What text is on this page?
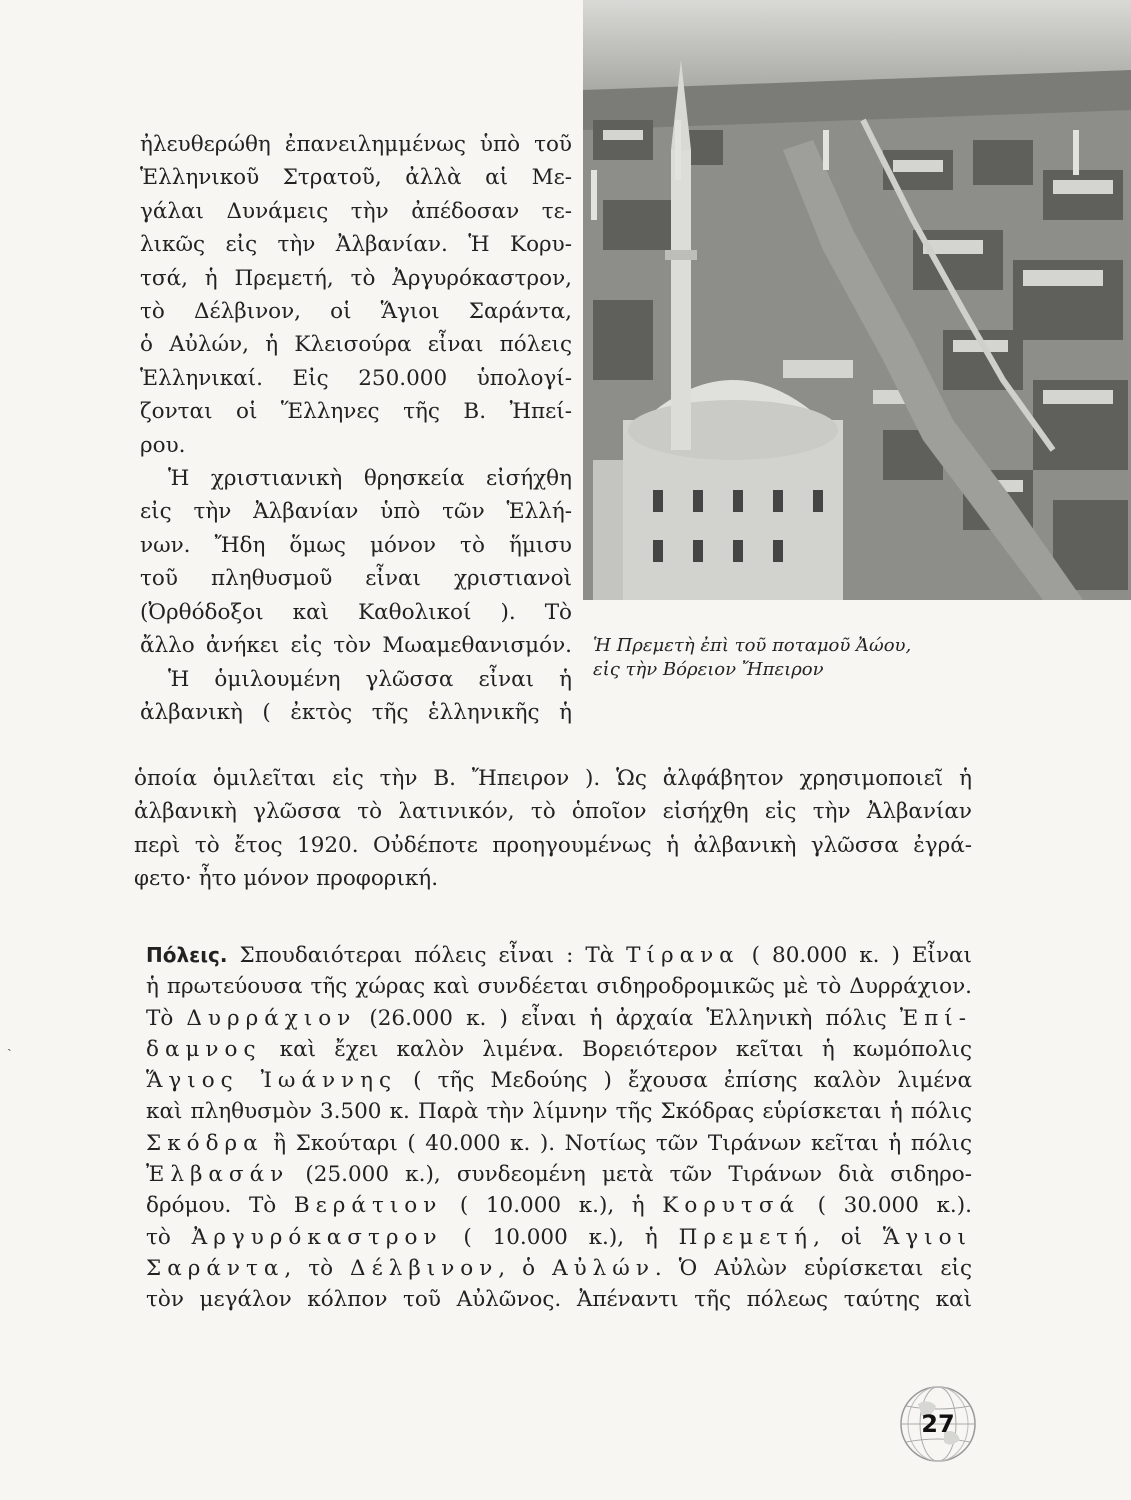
Ἡ Πρεμετὴ ἐπὶ τοῦ ποταμοῦ Ἀώου,
εἰς τὴν Βόρειον Ἤπειρον
ἠλευθερώθη ἐπανειλημμένως ὑπὸ τοῦ
Ἑλληνικοῦ Στρατοῦ, ἀλλὰ αἱ Με-
γάλαι Δυνάμεις τὴν ἀπέδοσαν τε-
λικῶς εἰς τὴν Ἀλβανίαν. Ἡ Κορυ-
τσά, ἡ Πρεμετή, τὸ Ἀργυρόκαστρον,
τὸ Δέλβινον, οἱ Ἅγιοι Σαράντα,
ὁ Αὐλών, ἡ Κλεισούρα εἶναι πόλεις
Ἑλληνικαί. Εἰς 250.000 ὑπολογί-
ζονται οἱ Ἕλληνες τῆς Β. Ἠπεί-
ρου.
Ἡ χριστιανικὴ θρησκεία εἰσήχθη
εἰς τὴν Ἀλβανίαν ὑπὸ τῶν Ἑλλή-
νων. Ἤδη ὅμως μόνον τὸ ἥμισυ
τοῦ πληθυσμοῦ εἶναι χριστιανοὶ
(Ὀρθόδοξοι καὶ Καθολικοί ). Τὸ
ἄλλο ἀνήκει εἰς τὸν Μωαμεθανισμόν.
Ἡ ὁμιλουμένη γλῶσσα εἶναι ἡ
ἀλβανικὴ ( ἐκτὸς τῆς ἑλληνικῆς ἡ
ὁποία ὁμιλεῖται εἰς τὴν Β. Ἤπειρον ). Ὡς ἀλφάβητον χρησιμοποιεῖ ἡ
ἀλβανικὴ γλῶσσα τὸ λατινικόν, τὸ ὁποῖον εἰσήχθη εἰς τὴν Ἀλβανίαν
περὶ τὸ ἔτος 1920. Οὐδέποτε προηγουμένως ἡ ἀλβανικὴ γλῶσσα ἐγρά-
φετο· ἦτο μόνον προφορική.
Πόλεις. Σπουδαιότεραι πόλεις εἶναι : Τὰ Τίρανα ( 80.000 κ. ) Εἶναι
ἡ πρωτεύουσα τῆς χώρας καὶ συνδέεται σιδηροδρομικῶς μὲ τὸ Δυρράχιον.
Τὸ Δυρράχιον (26.000 κ. ) εἶναι ἡ ἀρχαία Ἑλληνικὴ πόλις Ἐπί-
δαμνος καὶ ἔχει καλὸν λιμένα. Βορειότερον κεῖται ἡ κωμόπολις
Ἅγιος Ἰωάννης ( τῆς Μεδούης ) ἔχουσα ἐπίσης καλὸν λιμένα
καὶ πληθυσμὸν 3.500 κ. Παρὰ τὴν λίμνην τῆς Σκόδρας εὑρίσκεται ἡ πόλις
Σκόδρα ἢ Σκούταρι ( 40.000 κ. ). Νοτίως τῶν Τιράνων κεῖται ἡ πόλις
Ἐλβασάν (25.000 κ.), συνδεομένη μετὰ τῶν Τιράνων διὰ σιδηρο-
δρόμου. Τὸ Βεράτιον ( 10.000 κ.), ἡ Κορυτσά ( 30.000 κ.).
τὸ Ἀργυρόκαστρον ( 10.000 κ.), ἡ Πρεμετή, οἱ Ἅγιοι
Σαράντα, τὸ Δέλβινον, ὁ Αὐλών. Ὁ Αὐλὼν εὑρίσκεται εἰς
τὸν μεγάλον κόλπον τοῦ Αὐλῶνος. Ἀπέναντι τῆς πόλεως ταύτης καὶ
ˏ
27
